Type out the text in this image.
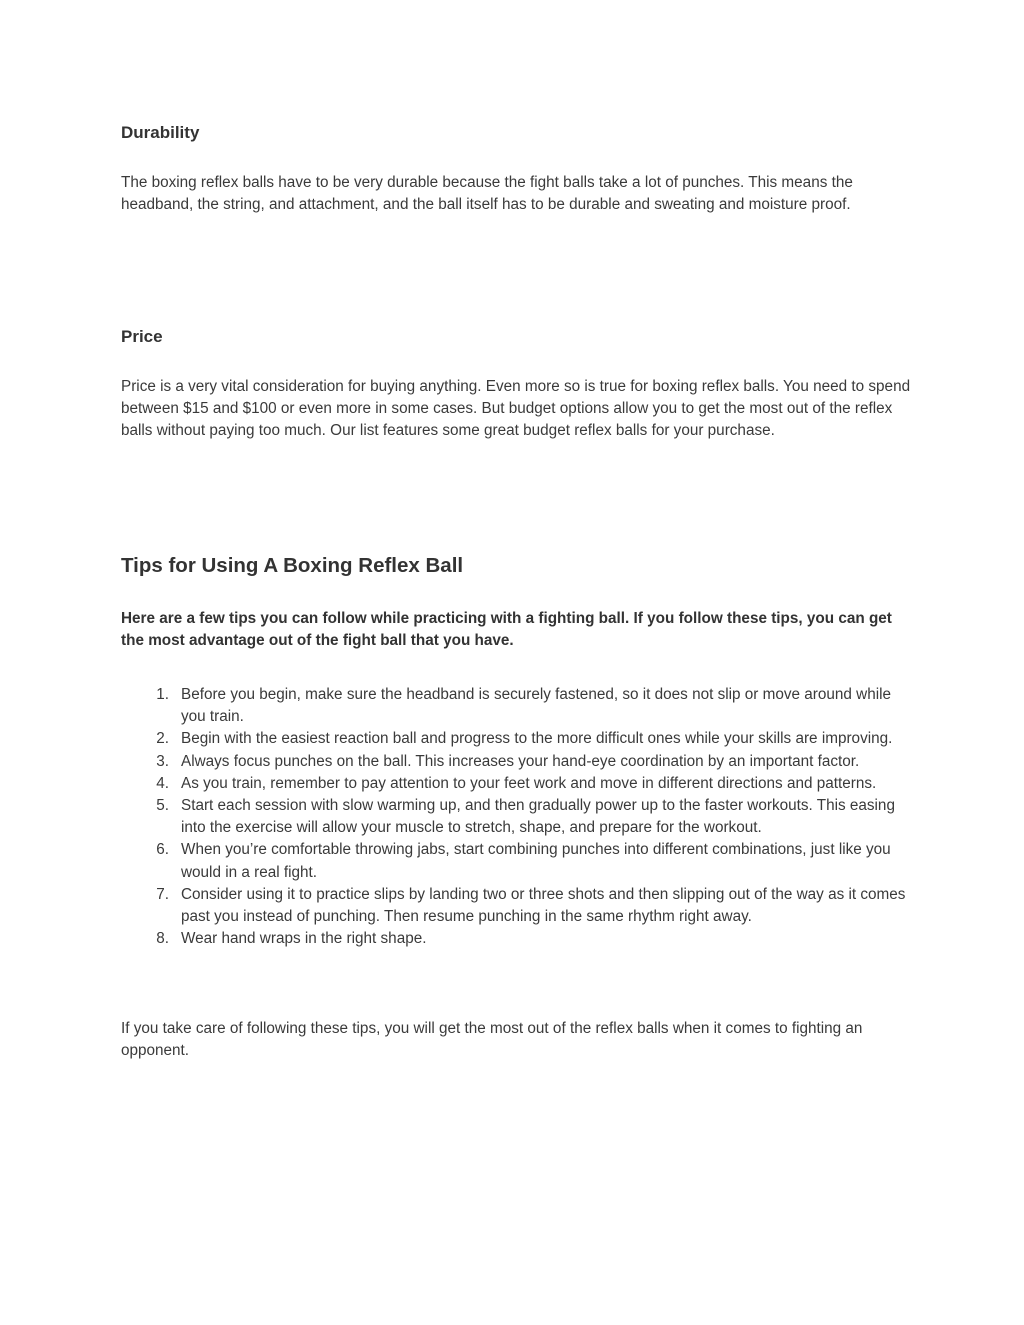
Durability

The boxing reflex balls have to be very durable because the fight balls take a lot of punches. This means the headband, the string, and attachment, and the ball itself has to be durable and sweating and moisture proof.

Price

Price is a very vital consideration for buying anything. Even more so is true for boxing reflex balls. You need to spend between $15 and $100 or even more in some cases. But budget options allow you to get the most out of the reflex balls without paying too much. Our list features some great budget reflex balls for your purchase.

Tips for Using A Boxing Reflex Ball

Here are a few tips you can follow while practicing with a fighting ball. If you follow these tips, you can get the most advantage out of the fight ball that you have.

Before you begin, make sure the headband is securely fastened, so it does not slip or move around while you train.
Begin with the easiest reaction ball and progress to the more difficult ones while your skills are improving.
Always focus punches on the ball. This increases your hand-eye coordination by an important factor.
As you train, remember to pay attention to your feet work and move in different directions and patterns.
Start each session with slow warming up, and then gradually power up to the faster workouts. This easing into the exercise will allow your muscle to stretch, shape, and prepare for the workout.
When you’re comfortable throwing jabs, start combining punches into different combinations, just like you would in a real fight.
Consider using it to practice slips by landing two or three shots and then slipping out of the way as it comes past you instead of punching. Then resume punching in the same rhythm right away.
Wear hand wraps in the right shape.

If you take care of following these tips, you will get the most out of the reflex balls when it comes to fighting an opponent.
